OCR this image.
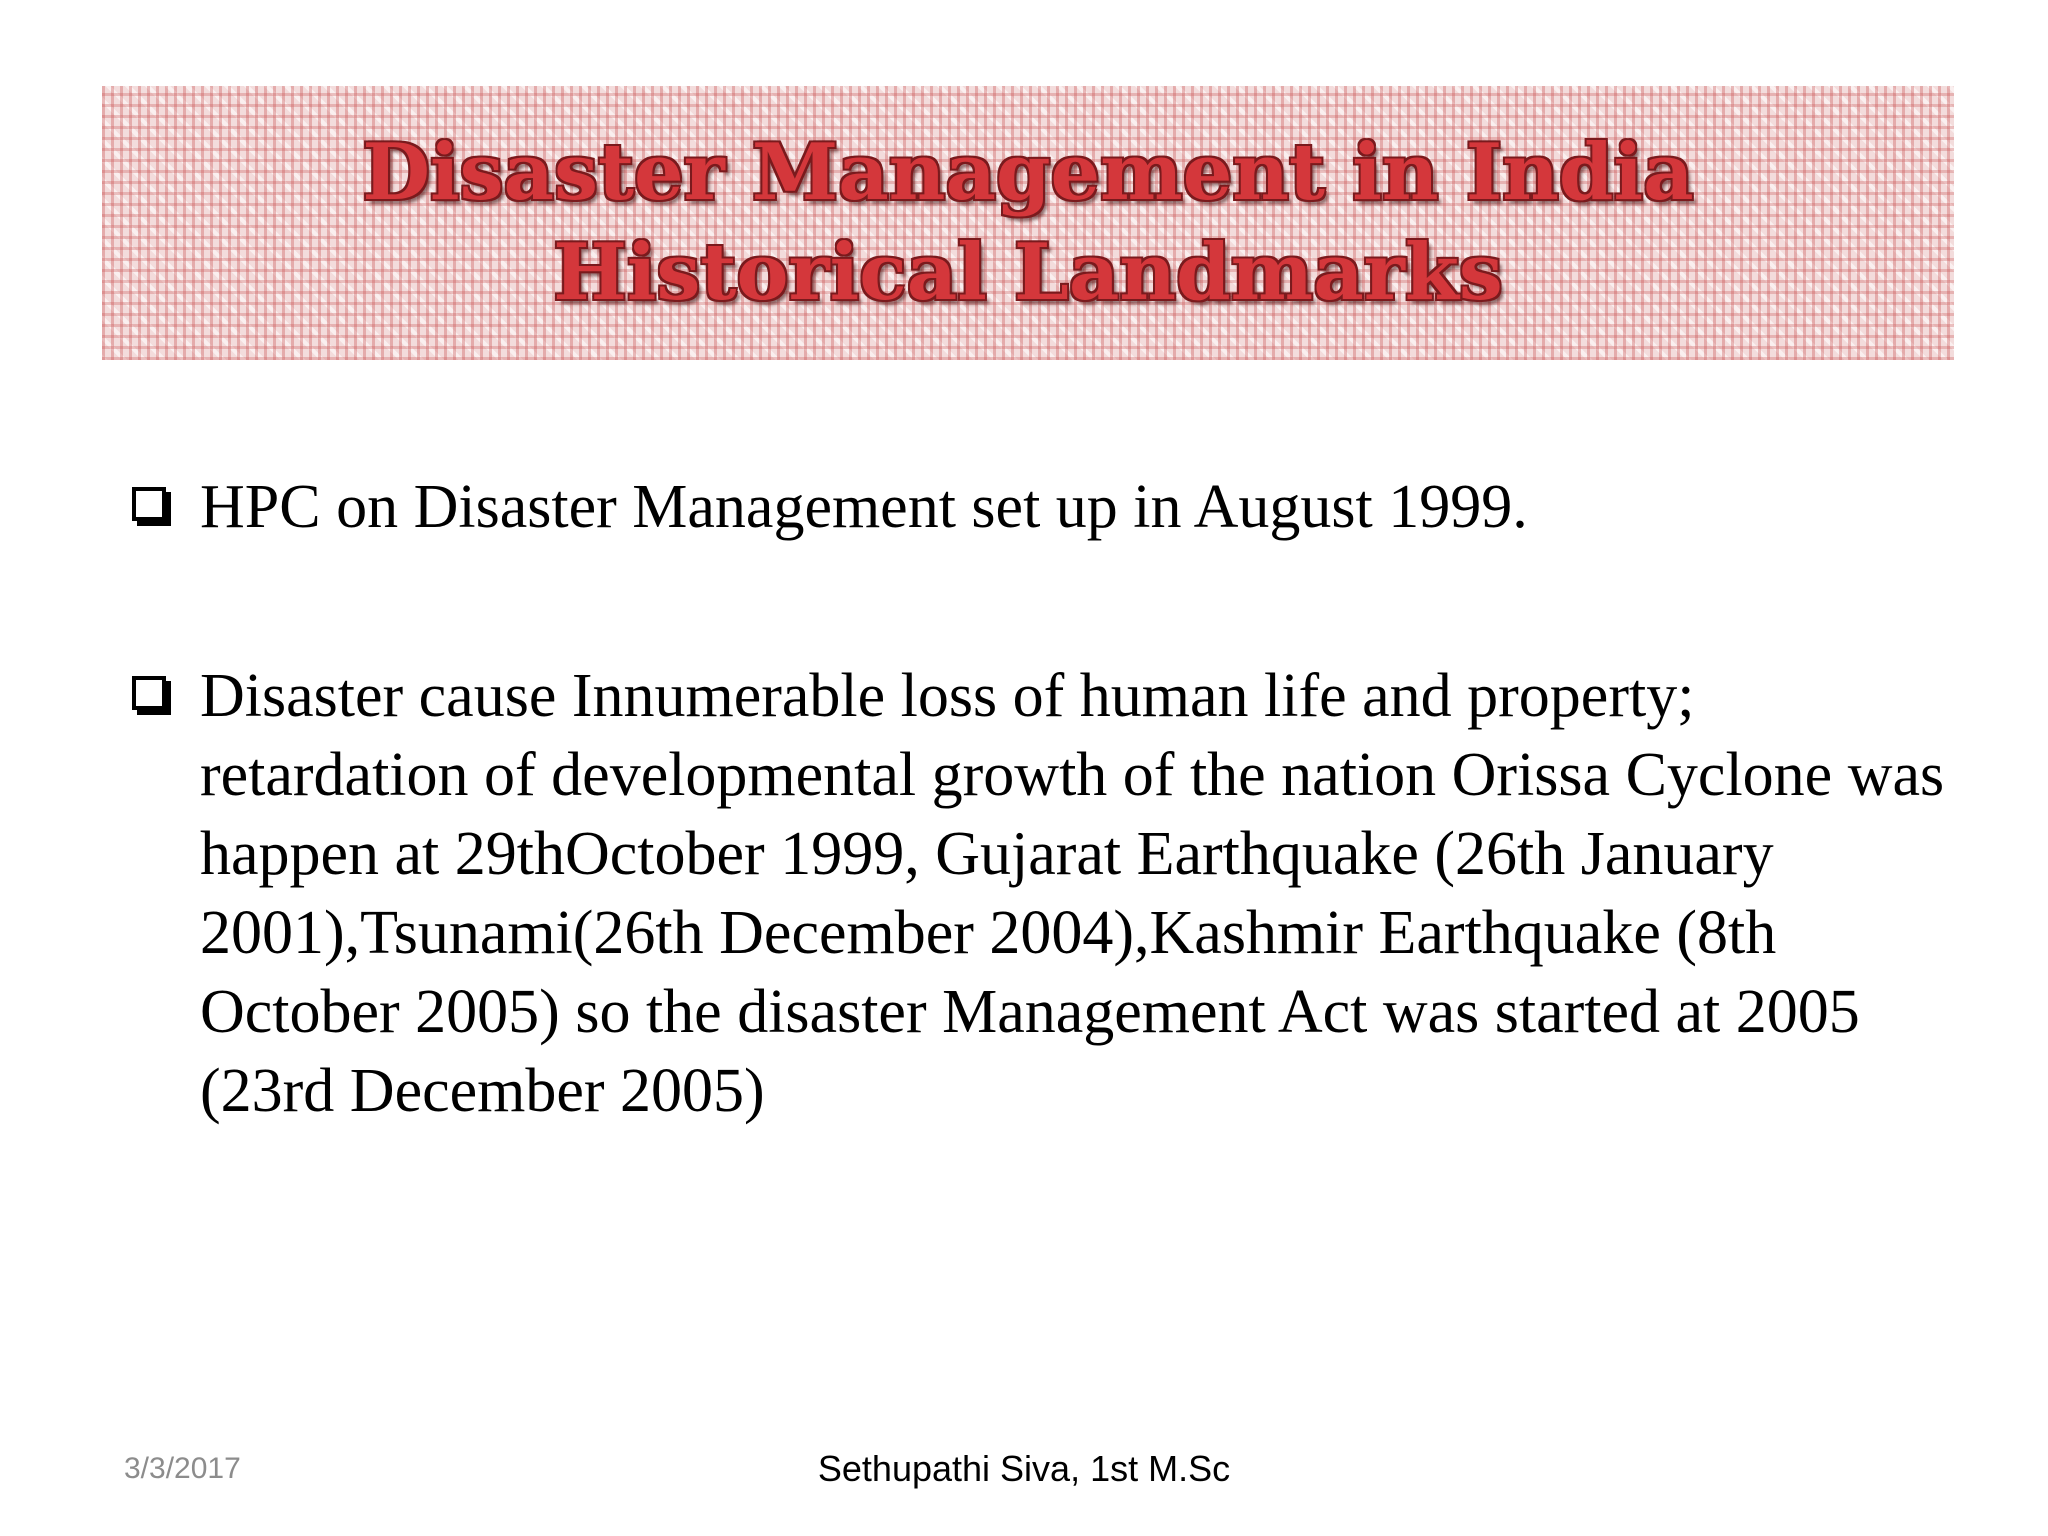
Disaster Management in India Historical Landmarks
HPC on Disaster Management set up in August 1999.
Disaster cause Innumerable loss of human life and property; retardation of developmental growth of the nation Orissa Cyclone was happen at 29thOctober 1999, Gujarat Earthquake (26th January 2001),Tsunami(26th December 2004),Kashmir Earthquake (8th October 2005) so the disaster Management Act was started at 2005 (23rd December 2005)
3/3/2017	Sethupathi Siva, 1st M.Sc
